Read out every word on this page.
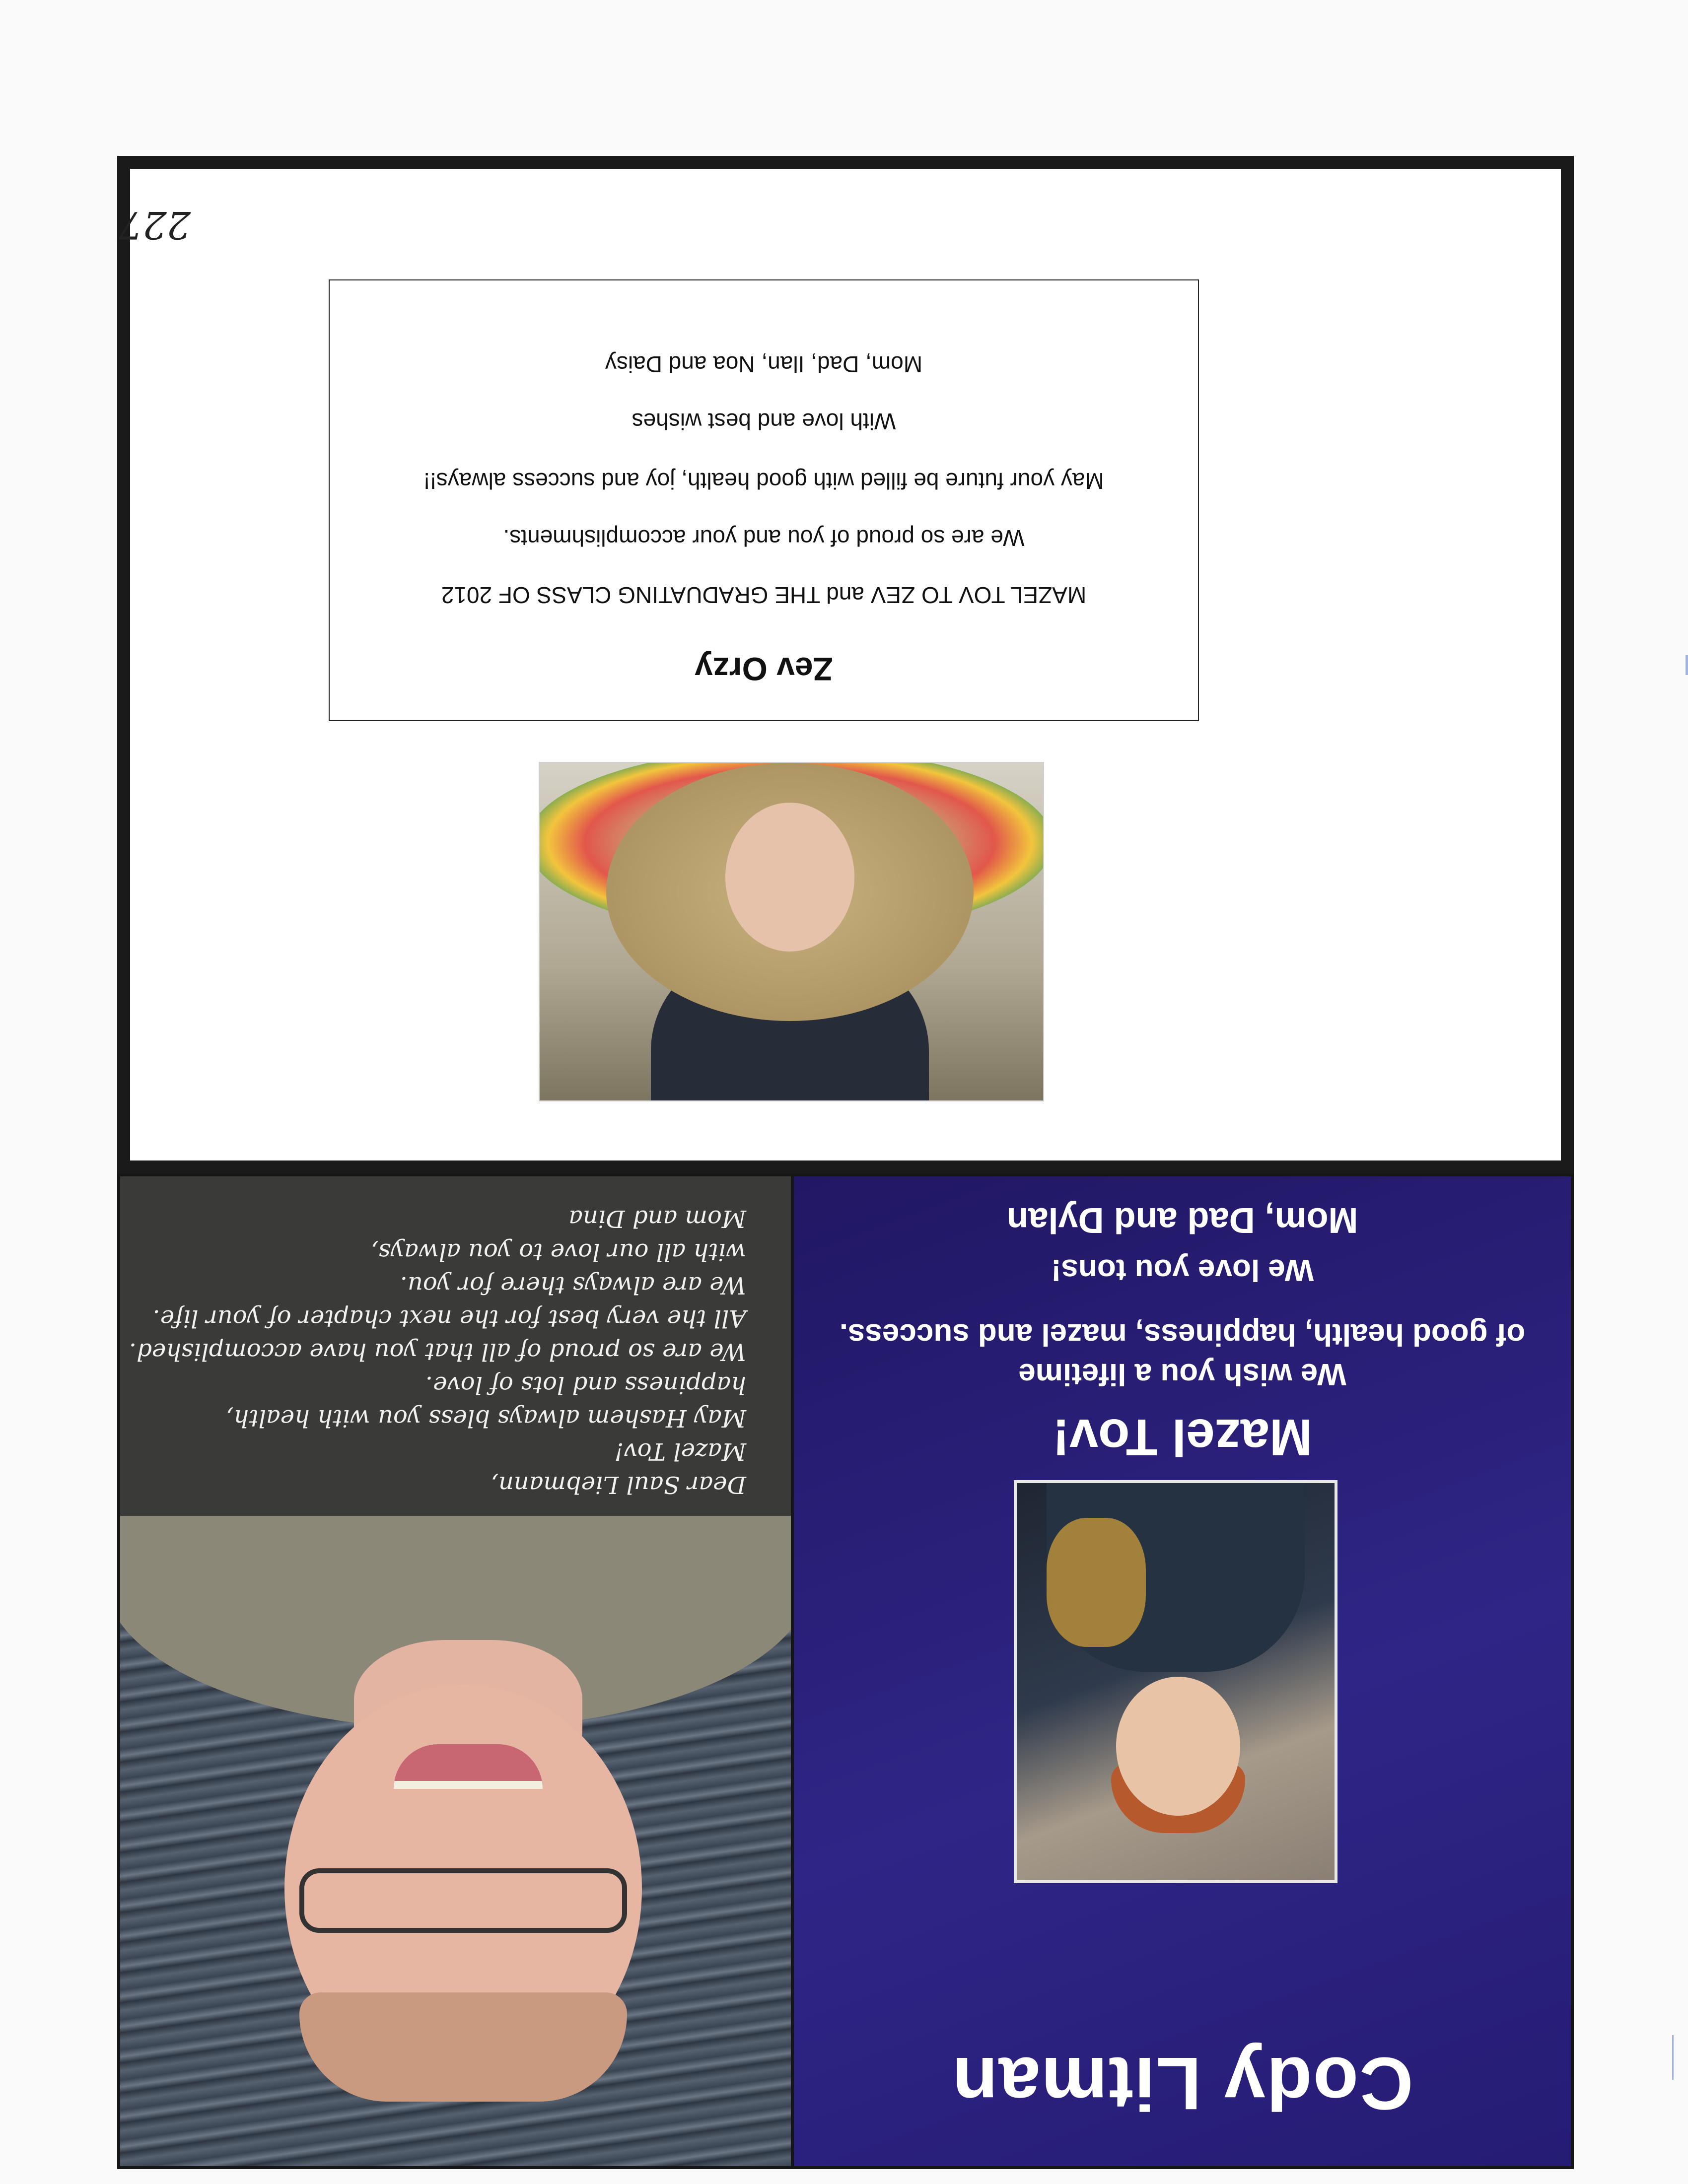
Cody Litman
Mazel Tov!
We wish you a lifetime
of good health, happiness, mazel and success.
We love you tons!
Mom, Dad and Dylan
Dear Saul Liebmann,
Mazel Tov!
May Hashem always bless you with health,
happiness and lots of love.
We are so proud of all that you have accomplished.
All the very best for the next chapter of your life.
We are always there for you.
with all our love to you always,
Mom and Dina
Zev Orzy
MAZEL TOV TO ZEV and THE GRADUATING CLASS OF 2012
We are so proud of you and your accomplishments.
May your future be filled with good health, joy and success always!!
With love and best wishes
Mom, Dad, Ilan, Noa and Daisy
227
